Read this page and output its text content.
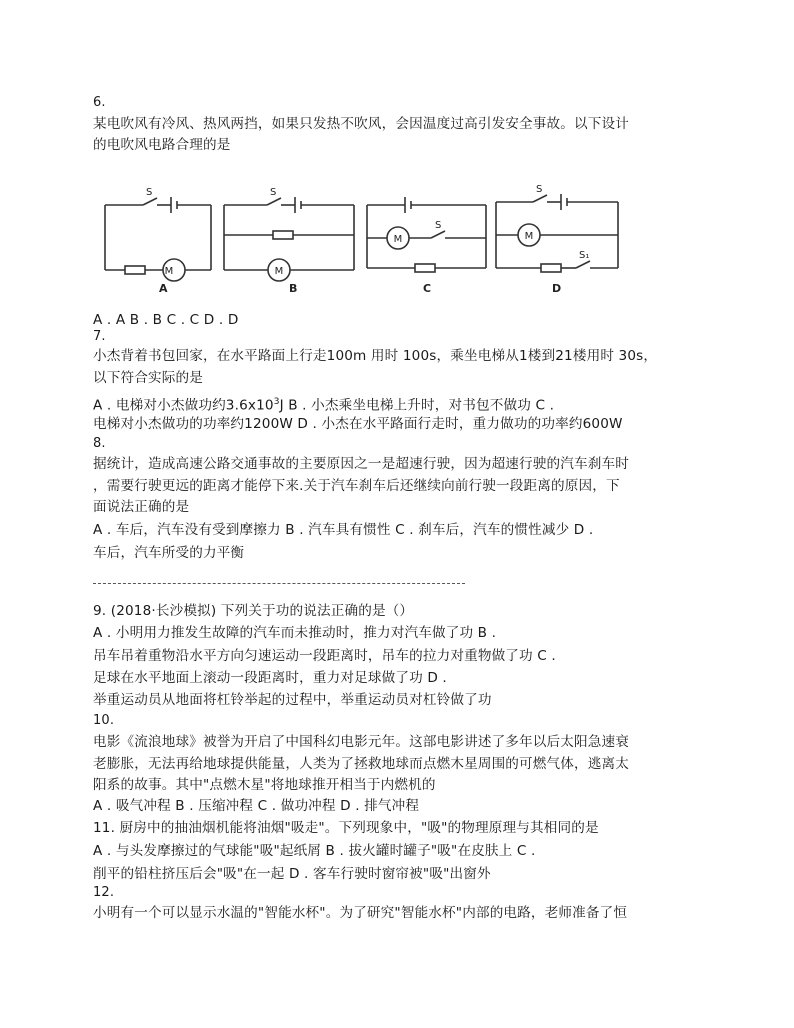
6.
某电吹风有冷风、热风两挡，如果只发热不吹风，会因温度过高引发安全事故。以下设计
的电吹风电路合理的是
S
M
A
S
M
B
S
M
C
S
M
S₁
D
A . A B . B C . C D . D
7.
小杰背着书包回家，在水平路面上行走100m 用时 100s，乘坐电梯从1楼到21楼用时 30s，
以下符合实际的是
A . 电梯对小杰做功约$3.6x10^3J$ B . 小杰乘坐电梯上升时，对书包不做功 C .
电梯对小杰做功的功率约1200W D . 小杰在水平路面行走时，重力做功的功率约600W
8.
据统计，造成高速公路交通事故的主要原因之一是超速行驶，因为超速行驶的汽车刹车时
，需要行驶更远的距离才能停下来.关于汽车刹车后还继续向前行驶一段距离的原因，下
面说法正确的是
A . 车后，汽车没有受到摩擦力 B . 汽车具有惯性 C . 刹车后，汽车的惯性减少 D .
车后，汽车所受的力平衡
9. (2018·长沙模拟) 下列关于功的说法正确的是（）
A . 小明用力推发生故障的汽车而未推动时，推力对汽车做了功 B .
吊车吊着重物沿水平方向匀速运动一段距离时，吊车的拉力对重物做了功 C .
足球在水平地面上滚动一段距离时，重力对足球做了功 D .
举重运动员从地面将杠铃举起的过程中，举重运动员对杠铃做了功
10.
电影《流浪地球》被誉为开启了中国科幻电影元年。这部电影讲述了多年以后太阳急速衰
老膨胀，无法再给地球提供能量，人类为了拯救地球而点燃木星周围的可燃气体，逃离太
阳系的故事。其中"点燃木星"将地球推开相当于内燃机的
A . 吸气冲程 B . 压缩冲程 C . 做功冲程 D . 排气冲程
11. 厨房中的抽油烟机能将油烟"吸走"。下列现象中，"吸"的物理原理与其相同的是
A . 与头发摩擦过的气球能"吸"起纸屑 B . 拔火罐时罐子"吸"在皮肤上 C .
削平的铅柱挤压后会"吸"在一起 D . 客车行驶时窗帘被"吸"出窗外
12.
小明有一个可以显示水温的"智能水杯"。为了研究"智能水杯"内部的电路，老师准备了恒
